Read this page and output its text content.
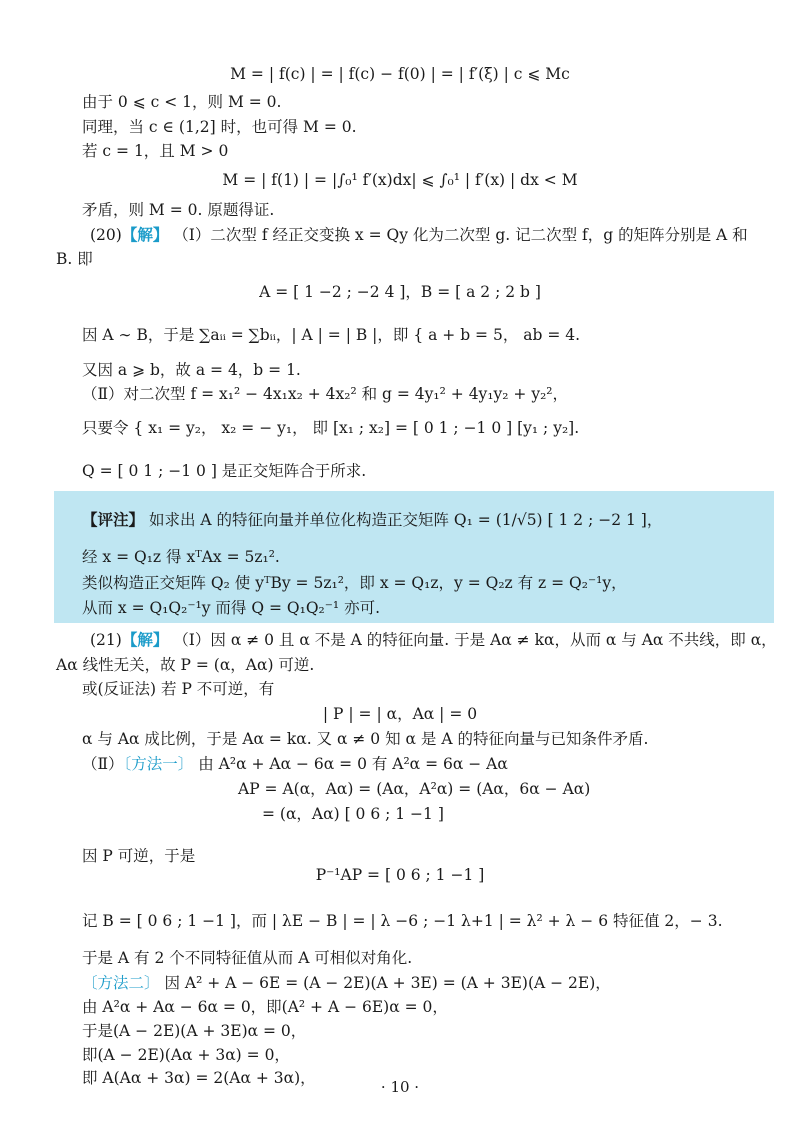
M = | f(c) | = | f(c) − f(0) | = | f′(ξ) | c ⩽ Mc
由于 0 ⩽ c < 1，则 M = 0.
同理，当 c ∈ (1,2] 时，也可得 M = 0.
若 c = 1，且 M > 0
M = | f(1) | = |∫₀¹ f′(x)dx| ⩽ ∫₀¹ | f′(x) | dx < M
矛盾，则 M = 0. 原题得证.
(20)【解】 （Ⅰ）二次型 f 经正交变换 x = Qy 化为二次型 g. 记二次型 f，g 的矩阵分别是 A 和
B. 即
A = [ 1 −2 ; −2 4 ]，B = [ a 2 ; 2 b ]
因 A ∼ B，于是 ∑aᵢᵢ = ∑bᵢᵢ，| A | = | B |，即 { a + b = 5， ab = 4.
又因 a ⩾ b，故 a = 4，b = 1.
（Ⅱ）对二次型 f = x₁² − 4x₁x₂ + 4x₂² 和 g = 4y₁² + 4y₁y₂ + y₂²，
只要令 { x₁ = y₂， x₂ = − y₁， 即 [x₁ ; x₂] = [ 0 1 ; −1 0 ] [y₁ ; y₂].
Q = [ 0 1 ; −1 0 ] 是正交矩阵合于所求.
【评注】 如求出 A 的特征向量并单位化构造正交矩阵 Q₁ = (1/√5) [ 1 2 ; −2 1 ]，
经 x = Q₁z 得 xᵀAx = 5z₁².
类似构造正交矩阵 Q₂ 使 yᵀBy = 5z₁²，即 x = Q₁z，y = Q₂z 有 z = Q₂⁻¹y，
从而 x = Q₁Q₂⁻¹y 而得 Q = Q₁Q₂⁻¹ 亦可.
(21)【解】 （Ⅰ）因 α ≠ 0 且 α 不是 A 的特征向量. 于是 Aα ≠ kα，从而 α 与 Aα 不共线，即 α，
Aα 线性无关，故 P = (α，Aα) 可逆.
或(反证法) 若 P 不可逆，有
| P | = | α，Aα | = 0
α 与 Aα 成比例，于是 Aα = kα. 又 α ≠ 0 知 α 是 A 的特征向量与已知条件矛盾.
（Ⅱ）〔方法一〕 由 A²α + Aα − 6α = 0 有 A²α = 6α − Aα
AP = A(α，Aα) = (Aα，A²α) = (Aα，6α − Aα)
= (α，Aα) [ 0 6 ; 1 −1 ]
因 P 可逆，于是
P⁻¹AP = [ 0 6 ; 1 −1 ]
记 B = [ 0 6 ; 1 −1 ]，而 | λE − B | = | λ −6 ; −1 λ+1 | = λ² + λ − 6 特征值 2，− 3.
于是 A 有 2 个不同特征值从而 A 可相似对角化.
〔方法二〕 因 A² + A − 6E = (A − 2E)(A + 3E) = (A + 3E)(A − 2E)，
由 A²α + Aα − 6α = 0，即(A² + A − 6E)α = 0，
于是(A − 2E)(A + 3E)α = 0，
即(A − 2E)(Aα + 3α) = 0，
即 A(Aα + 3α) = 2(Aα + 3α)，	· 10 ·
